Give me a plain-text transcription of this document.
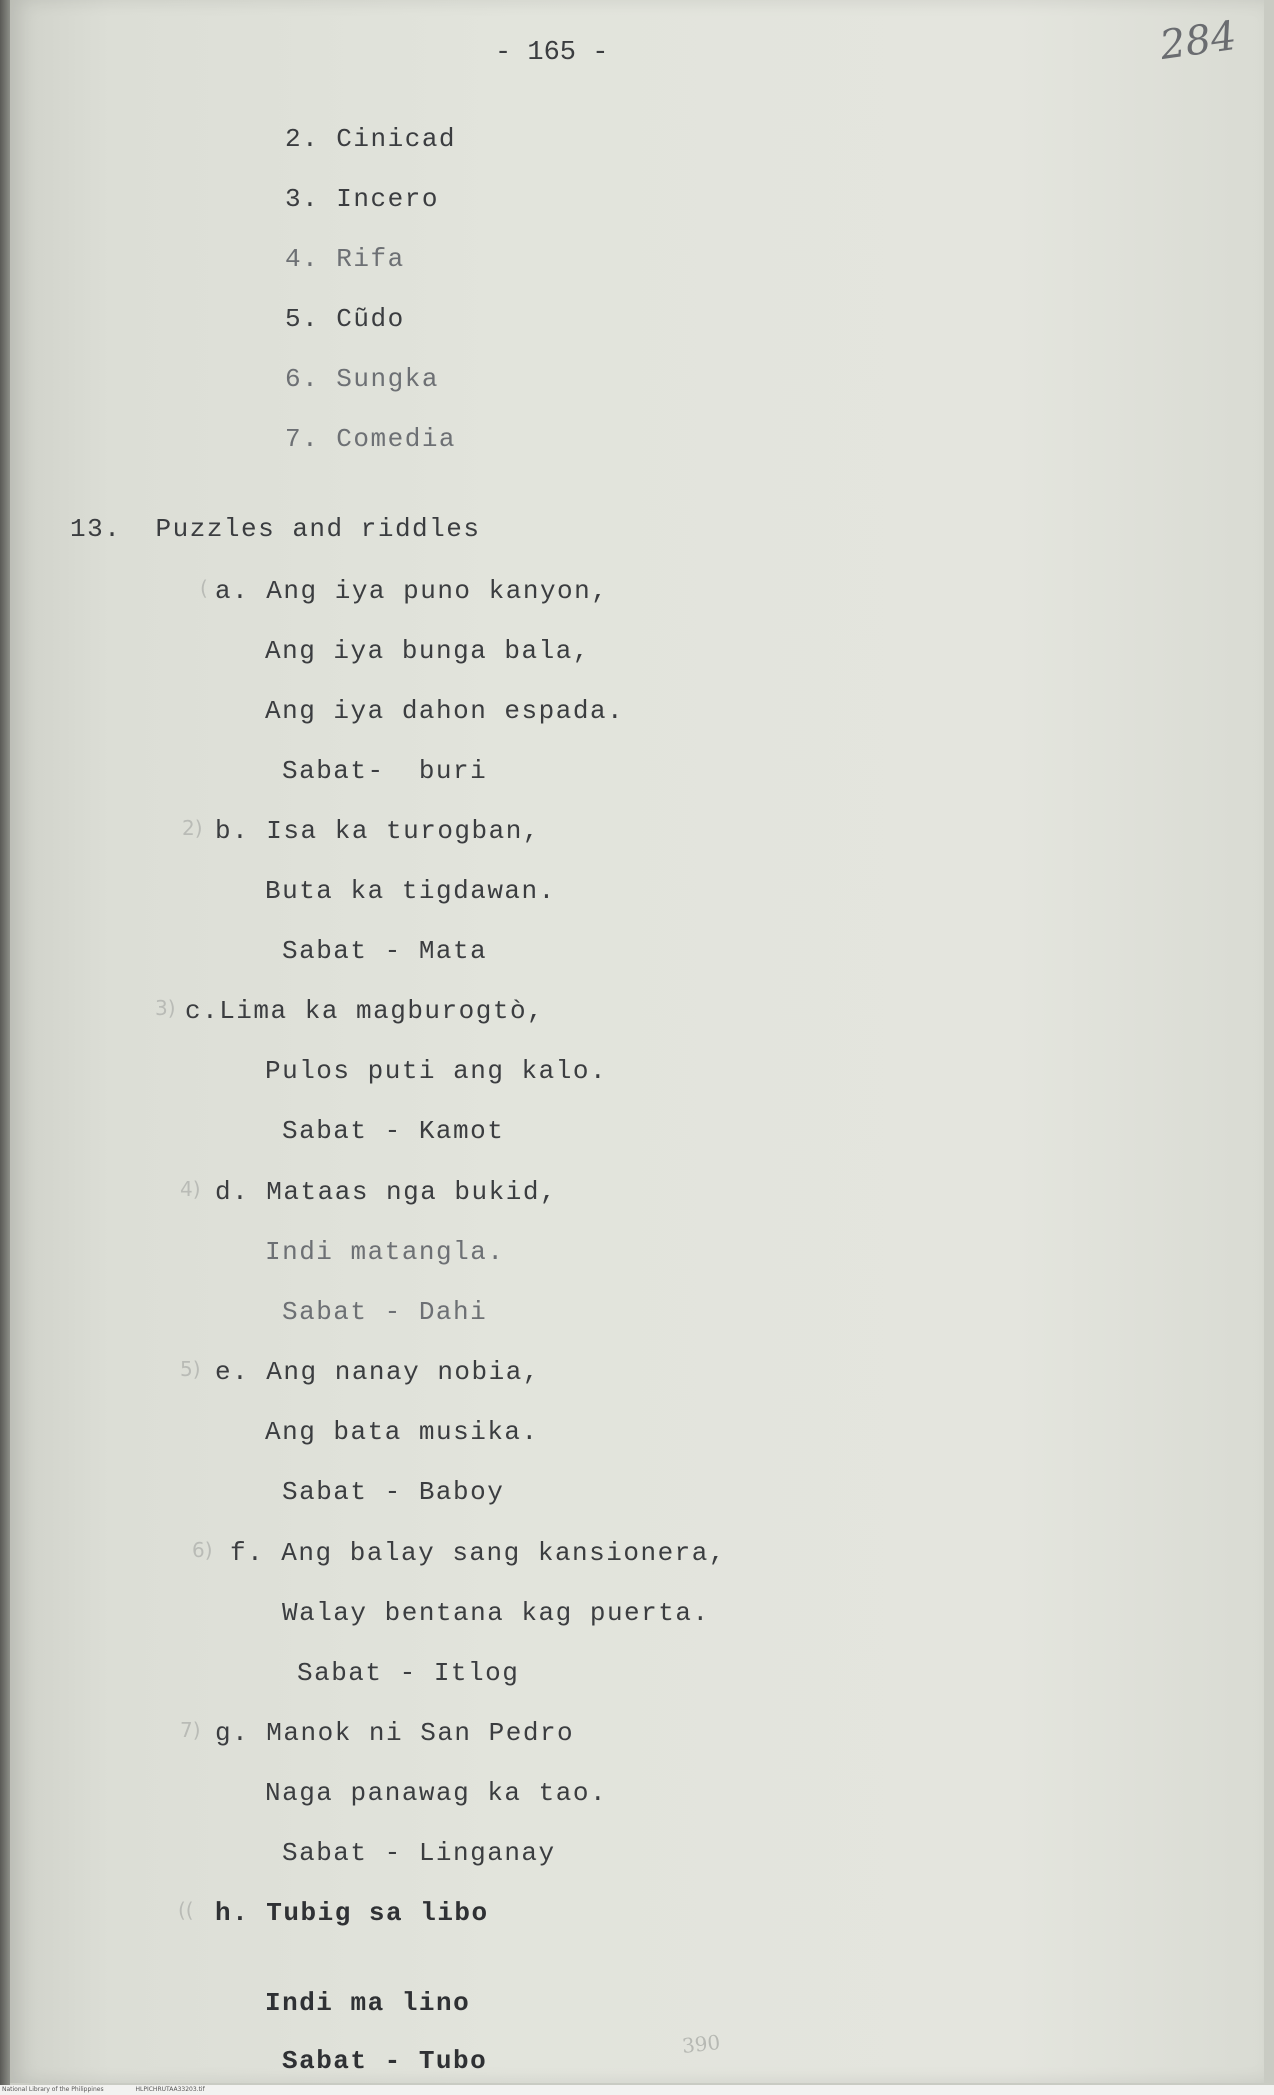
- 165 -	284
2. Cinicad
3. Incero
4. Rifa
5. Cũdo
6. Sungka
7. Comedia
13.  Puzzles and riddles
( a. Ang iya puno kanyon,
Ang iya bunga bala,
Ang iya dahon espada.
Sabat-  buri
2) b. Isa ka turogban,
Buta ka tigdawan.
Sabat - Mata
3) c.Lima ka magburogtò,
Pulos puti ang kalo.
Sabat - Kamot
4) d. Mataas nga bukid,
Indi matangla.
Sabat - Dahi
5) e. Ang nanay nobia,
Ang bata musika.
Sabat - Baboy
6) f. Ang balay sang kansionera,
Walay bentana kag puerta.
Sabat - Itlog
7) g. Manok ni San Pedro
Naga panawag ka tao.
Sabat - Linganay
(( h. Tubig sa libo
Indi ma lino
Sabat - Tubo
390
National Library of the Philippines	HLPICHRUTAA33203.tif
